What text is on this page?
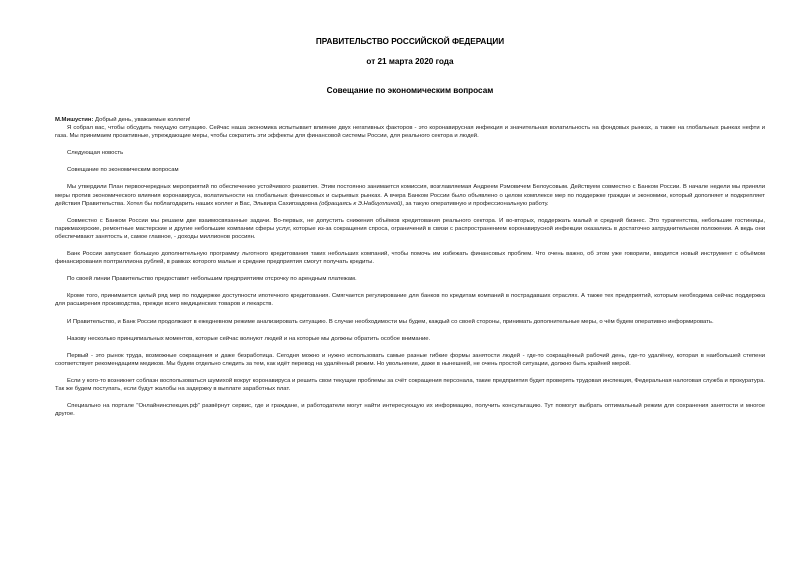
ПРАВИТЕЛЬСТВО РОССИЙСКОЙ ФЕДЕРАЦИИ
от 21 марта 2020 года
Совещание по экономическим вопросам
М.Мишустин: Добрый день, уважаемые коллеги!
Я собрал вас, чтобы обсудить текущую ситуацию. Сейчас наша экономика испытывает влияние двух негативных факторов - это коронавирусная инфекция и значительная волатильность на фондовых рынках, а также на глобальных рынках нефти и газа. Мы принимаем проактивные, упреждающие меры, чтобы сократить эти эффекты для финансовой системы России, для реального сектора и людей.
Следующая новость
Совещание по экономическим вопросам
Мы утвердили План первоочередных мероприятий по обеспечению устойчивого развития. Этим постоянно занимается комиссия, возглавляемая Андреем Рэмовичем Белоусовым. Действуем совместно с Банком России. В начале недели мы приняли меры против экономического влияния коронавируса, волатильности на глобальных финансовых и сырьевых рынках. А вчера Банком России было объявлено о целом комплексе мер по поддержке граждан и экономики, который дополняет и подкрепляет действия Правительства. Хотел бы поблагодарить наших коллег и Вас, Эльвира Сахипзадовна (обращаясь к Э.Набиуллиной), за такую оперативную и профессиональную работу.
Совместно с Банком России мы решаем две взаимосвязанные задачи. Во-первых, не допустить снижения объёмов кредитования реального сектора. И во-вторых, поддержать малый и средний бизнес. Это турагентства, небольшие гостиницы, парикмахерские, ремонтные мастерские и другие небольшие компании сферы услуг, которые из-за сокращения спроса, ограничений в связи с распространением коронавирусной инфекции оказались в достаточно затруднительном положении. А ведь они обеспечивают занятость и, самое главное, - доходы миллионов россиян.
Банк России запускает большую дополнительную программу льготного кредитования таких небольших компаний, чтобы помочь им избежать финансовых проблем. Что очень важно, об этом уже говорили, вводится новый инструмент с объёмом финансирования полтриллиона рублей, в рамках которого малые и средние предприятия смогут получать кредиты.
По своей линии Правительство предоставит небольшим предприятиям отсрочку по арендным платежам.
Кроме того, принимается целый ряд мер по поддержке доступности ипотечного кредитования. Смягчается регулирование для банков по кредитам компаний в пострадавших отраслях. А также тех предприятий, которым необходима сейчас поддержка для расширения производства, прежде всего медицинских товаров и лекарств.
И Правительство, и Банк России продолжают в ежедневном режиме анализировать ситуацию. В случае необходимости мы будем, каждый со своей стороны, принимать дополнительные меры, о чём будем оперативно информировать.
Назову несколько принципиальных моментов, которые сейчас волнуют людей и на которые мы должны обратить особое внимание.
Первый - это рынок труда, возможные сокращения и даже безработица. Сегодня можно и нужно использовать самые разные гибкие формы занятости людей - где-то сокращённый рабочий день, где-то удалёнку, которая в наибольшей степени соответствует рекомендациям медиков. Мы будем отдельно следить за тем, как идёт перевод на удалённый режим. Но увольнение, даже в нынешней, не очень простой ситуации, должно быть крайней мерой.
Если у кого-то возникнет соблазн воспользоваться шумихой вокруг коронавируса и решить свои текущие проблемы за счёт сокращения персонала, такие предприятия будет проверять трудовая инспекция, Федеральная налоговая служба и прокуратура. Так же будем поступать, если будут жалобы на задержку в выплате заработных плат.
Специально на портале "Онлайнинспекция.рф" развёрнут сервис, где и граждане, и работодатели могут найти интересующую их информацию, получить консультацию. Тут помогут выбрать оптимальный режим для сохранения занятости и многое другое.
